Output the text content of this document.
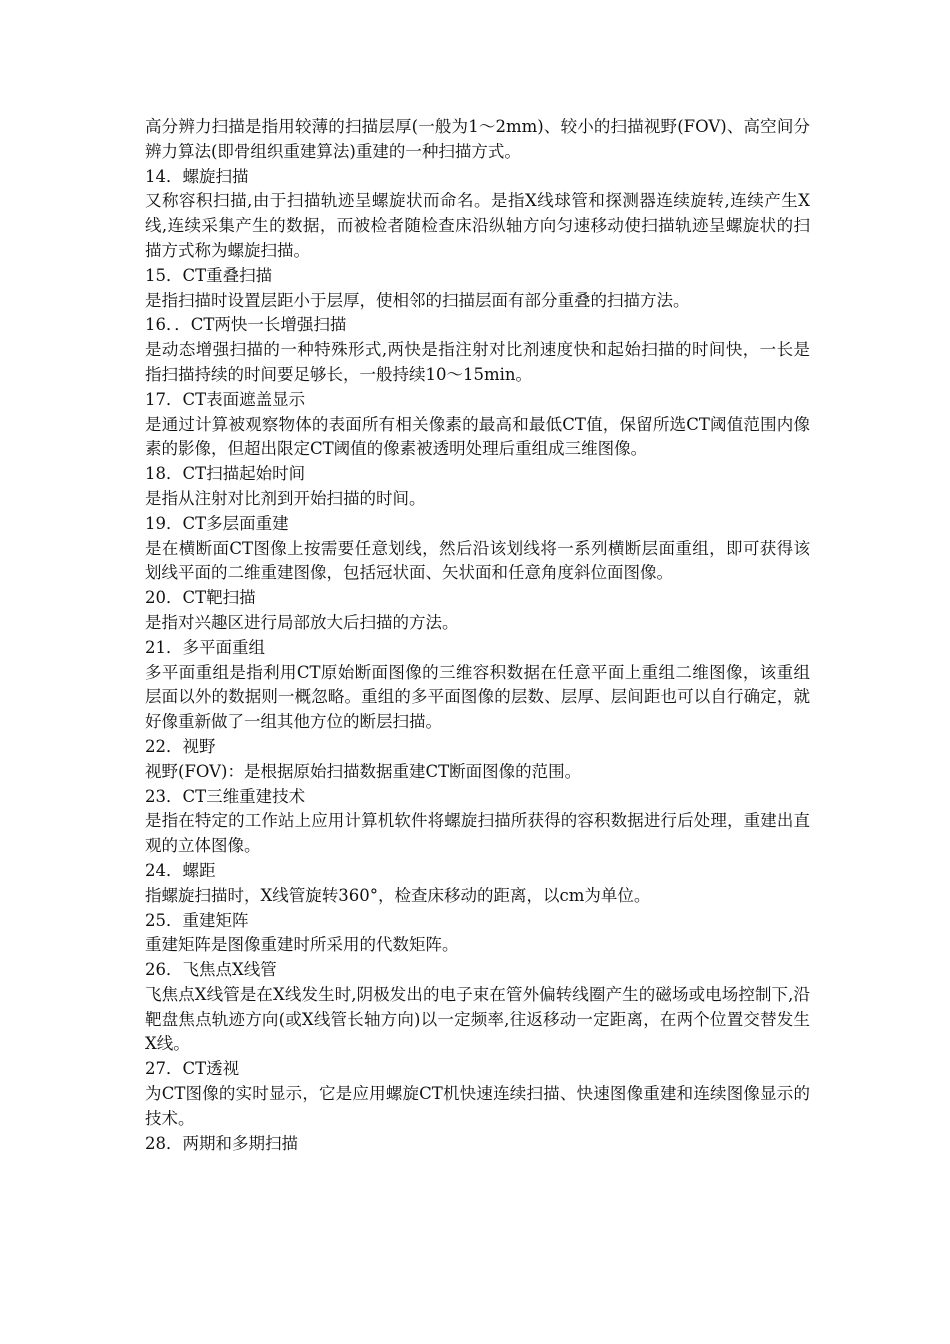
高分辨力扫描是指用较薄的扫描层厚(一般为1～2mm)、较小的扫描视野(FOV)、高空间分辨力算法(即骨组织重建算法)重建的一种扫描方式。

14．螺旋扫描

又称容积扫描,由于扫描轨迹呈螺旋状而命名。是指X线球管和探测器连续旋转,连续产生X线,连续采集产生的数据，而被检者随检查床沿纵轴方向匀速移动使扫描轨迹呈螺旋状的扫描方式称为螺旋扫描。

15．CT重叠扫描

是指扫描时设置层距小于层厚，使相邻的扫描层面有部分重叠的扫描方法。

16．．CT两快一长增强扫描

是动态增强扫描的一种特殊形式,两快是指注射对比剂速度快和起始扫描的时间快，一长是指扫描持续的时间要足够长，一般持续10～15min。

17．CT表面遮盖显示

是通过计算被观察物体的表面所有相关像素的最高和最低CT值，保留所选CT阈值范围内像素的影像，但超出限定CT阈值的像素被透明处理后重组成三维图像。

18．CT扫描起始时间

是指从注射对比剂到开始扫描的时间。

19．CT多层面重建

是在横断面CT图像上按需要任意划线，然后沿该划线将一系列横断层面重组，即可获得该划线平面的二维重建图像，包括冠状面、矢状面和任意角度斜位面图像。

20．CT靶扫描

是指对兴趣区进行局部放大后扫描的方法。

21．多平面重组

多平面重组是指利用CT原始断面图像的三维容积数据在任意平面上重组二维图像，该重组层面以外的数据则一概忽略。重组的多平面图像的层数、层厚、层间距也可以自行确定，就好像重新做了一组其他方位的断层扫描。

22．视野

视野(FOV)：是根据原始扫描数据重建CT断面图像的范围。

23．CT三维重建技术

是指在特定的工作站上应用计算机软件将螺旋扫描所获得的容积数据进行后处理，重建出直观的立体图像。

24．螺距

指螺旋扫描时，X线管旋转360°，检查床移动的距离，以cm为单位。

25．重建矩阵

重建矩阵是图像重建时所采用的代数矩阵。

26．飞焦点X线管

飞焦点X线管是在X线发生时,阴极发出的电子束在管外偏转线圈产生的磁场或电场控制下,沿靶盘焦点轨迹方向(或X线管长轴方向)以一定频率,往返移动一定距离，在两个位置交替发生X线。

27．CT透视

为CT图像的实时显示，它是应用螺旋CT机快速连续扫描、快速图像重建和连续图像显示的技术。

28．两期和多期扫描
